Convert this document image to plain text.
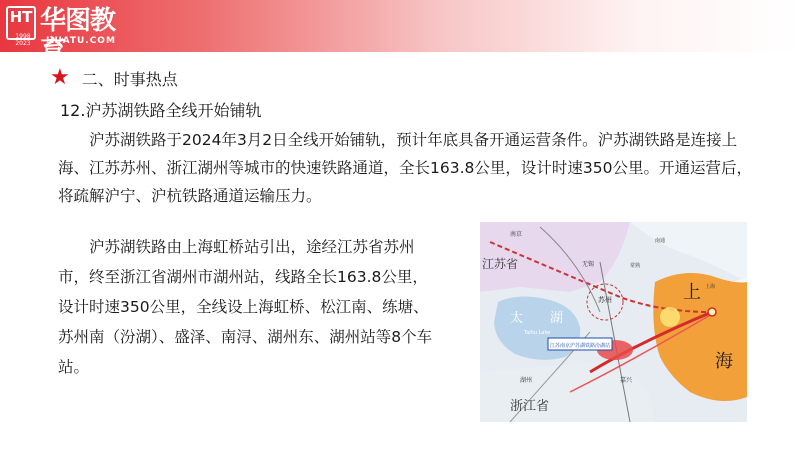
HT
1998 2023
华图教育
HUATU.COM
★ 二、时事热点
12.沪苏湖铁路全线开始铺轨
沪苏湖铁路于2024年3月2日全线开始铺轨，预计年底具备开通运营条件。沪苏湖铁路是连接上海、江苏苏州、浙江湖州等城市的快速铁路通道，全长163.8公里，设计时速350公里。开通运营后，将疏解沪宁、沪杭铁路通道运输压力。
沪苏湖铁路由上海虹桥站引出，途经江苏省苏州市，终至浙江省湖州市湖州站，线路全长163.8公里，设计时速350公里，全线设上海虹桥、松江南、练塘、苏州南（汾湖）、盛泽、南浔、湖州东、湖州站等8个车站。
江苏南京沪苏湖铁路汾湖站
江苏省
浙江省
太 湖
Taihu Lake
上
海
苏州
南京
无锡
湖州	嘉兴
上海
南通
常熟
